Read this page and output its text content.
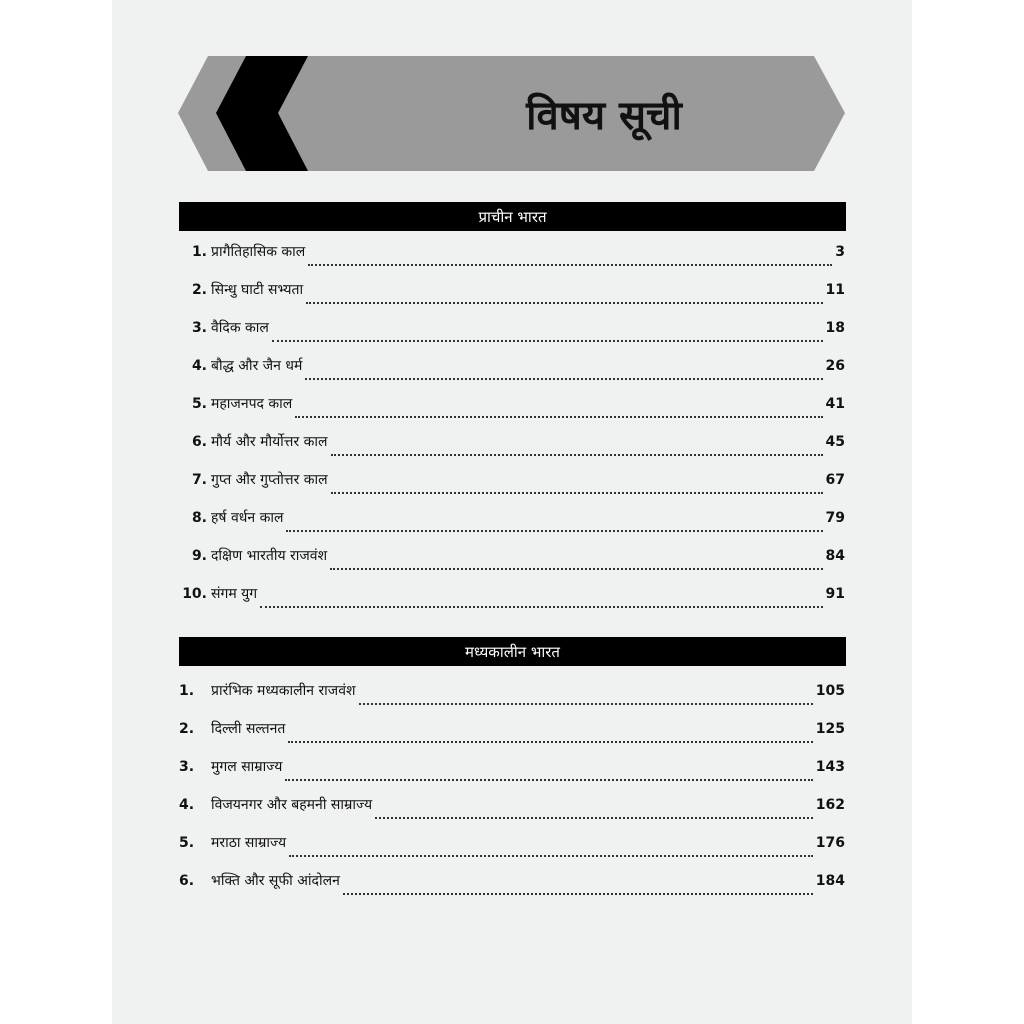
विषय सूची
प्राचीन भारत
1. प्रागैतिहासिक काल	3
2. सिन्धु घाटी सभ्यता	11
3. वैदिक काल	18
4. बौद्ध और जैन धर्म	26
5. महाजनपद काल	41
6. मौर्य और मौर्योत्तर काल	45
7. गुप्त और गुप्तोत्तर काल	67
8. हर्ष वर्धन काल	79
9. दक्षिण भारतीय राजवंश	84
10. संगम युग	91
मध्यकालीन भारत
1.	प्रारंभिक मध्यकालीन राजवंश	105
2.	दिल्ली सल्तनत	125
3.	मुगल साम्राज्य	143
4.	विजयनगर और बहमनी साम्राज्य	162
5.	मराठा साम्राज्य	176
6.	भक्ति और सूफी आंदोलन	184
